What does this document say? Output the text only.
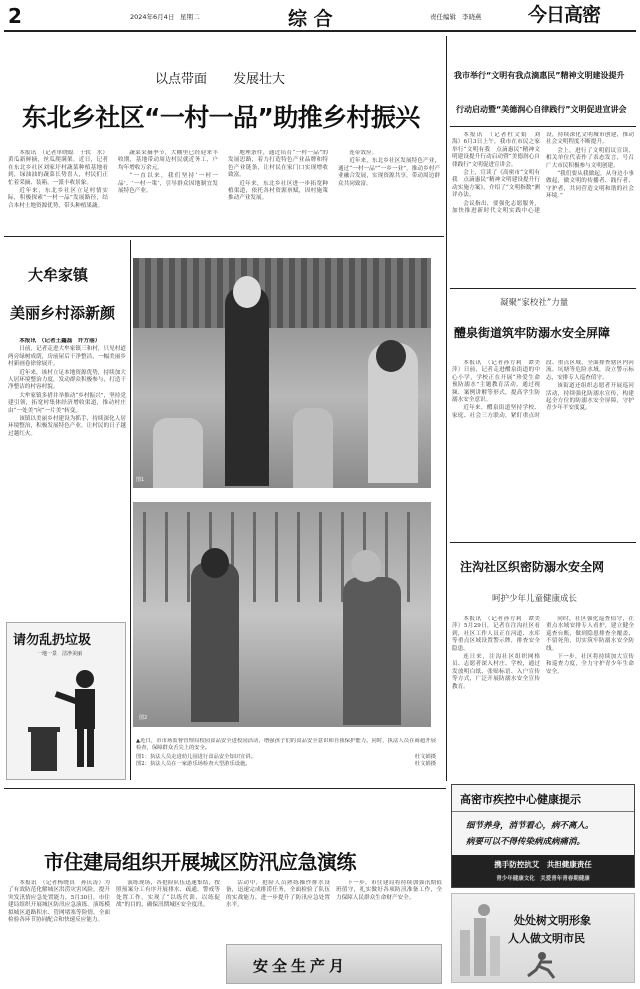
2	2024年6月4日 星期二	综 合	责任编辑 李晓燕 今日高密
以点带面　　发展壮大
东北乡社区“一村一品”助推乡村振兴

本报讯　（记者单晓聪　于软　水）黄瓜新鲜摘，丝瓜爬满架。近日，记者在东北乡社区刘家圩村蔬菜种植基地看到，绿油油的蔬菜长势喜人，村民们正忙着采摘、装箱，一派丰收景象。

近年来，东北乡社区立足村情实际，积极探索“一村一品”发展路径，结合本村土地资源优势，带头种植果蔬。

蔬菜采摘季节，大棚里已经迎来丰收期，基地带动周边村民就近务工，户均年增收万余元。

“一直以来，我们坚持‘一村一品’、‘一村一策’，引导群众因地制宜发展特色产业。

地理条件，通过培育“一村一品”的发展思路，着力打造特色产业品牌和特色产业链条，让村民在家门口实现增收致富。

近年来，东北乡社区进一步拓宽种植渠道，依托各村资源禀赋，因村施策推动产业发展。

连带效应。

近年来，东北乡社区发展特色产业，通过“一村一品”“一乡一业”，推动乡村产业融合发展，实现资源共享，带动周边群众共同致富。

大牟家镇
美丽乡村添新颜

本报讯　（记者王鑫磊　许方丽）

日前，记者走进大牟家镇三和村，只见村道两旁绿树成荫，房前屋后干净整洁，一幅美丽乡村新画卷徐徐展开。

近年来，该村立足本地资源优势，持续加大人居环境整治力度，发动群众积极参与，打造干净整洁的村容村貌。

大牟家镇多措并举推动“乡村振兴”，坚持党建引领，拓宽村集体经济增收渠道，推动村庄由“一处美”向“一片美”转变。

该镇以美丽乡村建设为抓手，持续深化人居环境整治，积极发展特色产业，让村民的日子越过越红火。

请勿乱扔垃圾
一地一景　洁净美丽
图2
图1
▲近日，市市场监督管理局校园食品安全进校园活动，增强孩子们的食品安全意识和自我保护能力。同时，执法人员在商超开展检查，保障群众舌尖上的安全。
图1：执法人员走进幼儿园进行食品安全知识宣讲。	杜文娟摄
图2：执法人员在一家游乐场检查大型游乐设施。	杜文娟摄
我市举行“文明有我点滴惠民”精神文明建设提升
行动启动暨“美德润心自律践行”文明促进宣讲会

本报讯　（记者杜文娟　刘　海）6月3日上午，我市在市民之家举行“文明有我　点滴惠民”精神文明建设提升行动启动暨“美德润心自律践行”文明促进宣讲会。

会上，宣读了《高密市“文明有我　点滴惠民”精神文明建设提升行动实施方案》，介绍了“文明指数”测评办法。

会议指出，要强化志愿服务，加快推进新时代文明实践中心建设，持续深化文明城市创建，推动社会文明程度不断提升。

会上，进行了文明倡议宣读，相关单位代表作了表态发言，号召广大市民积极参与文明创建。

“我们要从我做起，从身边小事做起，做文明的传播者、践行者、守护者，共同营造文明和谐的社会环境。”

凝聚“家校社”力量
醴泉街道筑牢防溺水安全屏障

本报讯　（记者孙方莉　谭美萍）日前，记者走进醴泉街道的中心小学，学校正在开展“珍爱生命　预防溺水”主题教育活动，通过视频、案例讲解等形式，提高学生防溺水安全意识。

近年来，醴泉街道坚持学校、家庭、社会三方联动，紧盯重点时段、重点区域，全面排查辖区内河流、坑塘等危险水域，设立警示标志，安排专人巡查值守。

该街道还组织志愿者开展巡河活动，持续强化防溺水宣传，构建起全方位的防溺水安全屏障，守护青少年平安度夏。

注沟社区织密防溺水安全网
呵护少年儿童健康成长

本报讯　（记者孙方莉　谭美萍）5月29日，记者在注沟社区看到，社区工作人员正在河道、水库等重点区域设置警示牌，排查安全隐患。

连日来，注沟社区组织网格员、志愿者深入村庄、学校，通过发放明白纸、张贴标语、入户宣传等方式，广泛开展防溺水安全宣传教育。

同时，社区强化巡查值守，在重点水域安排专人看护，建立健全巡查台账，做到隐患排查全覆盖、不留死角，切实筑牢防溺水安全防线。

下一步，社区将持续加大宣传和巡查力度，全力守护青少年生命安全。

高密市疾控中心健康提示
细节养身，消节看心，病不离人。
病要可以不得传染病成病痛消。
携手防控抗艾　共担健康责任
青少年健康文化　关爱青年青春期健康
处处树文明形象
人人做文明市民
市住建局组织开展城区防汛应急演练

本报讯　（记者杨晓真　孙庆涛）为了有效防范化解城区洪涝灾害风险，提升突发汛情应急处置能力，5月30日，市住建局组织开展城区防汛应急演练。演练模拟城区道路积水、管网堵塞等险情，全面检验各环节协同配合和快速反应能力。

演练现场，各抢险队伍迅速集结，按照预案分工有序开展排水、疏通、警戒等处置工作，实现了“以练代训、以练促战”的目的，确保汛期城区安全度汛。

活动中，抢险人员熟练操作排水设备，迅速完成排涝任务，全面检验了队伍的实战能力，进一步提升了防汛应急处置水平。

下一步，市住建局将持续加强汛期值班值守，扎实做好各项防汛准备工作，全力保障人民群众生命财产安全。

安全生产月
